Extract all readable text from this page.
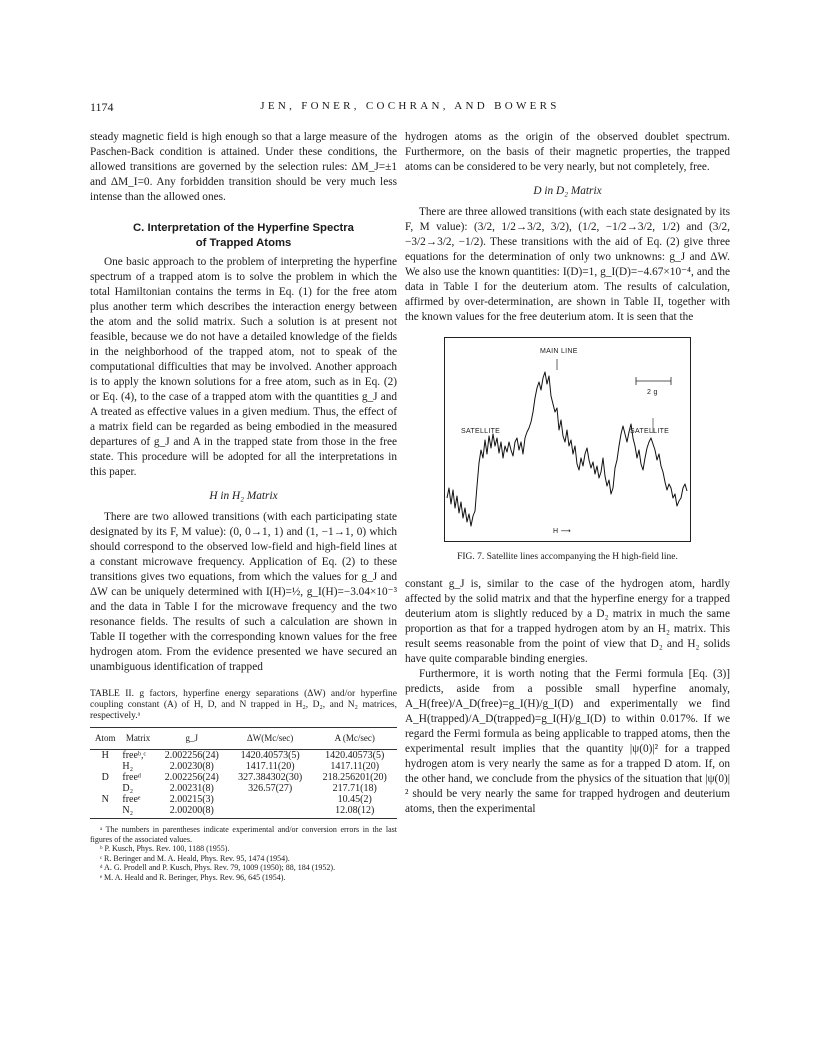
1174	JEN, FONER, COCHRAN, AND BOWERS

steady magnetic field is high enough so that a large measure of the Paschen-Back condition is attained. Under these conditions, the allowed transitions are governed by the selection rules: ΔM_J=±1 and ΔM_I=0. Any forbidden transition should be very much less intense than the allowed ones.

C. Interpretation of the Hyperfine Spectra
of Trapped Atoms

One basic approach to the problem of interpreting the hyperfine spectrum of a trapped atom is to solve the problem in which the total Hamiltonian contains the terms in Eq. (1) for the free atom plus another term which describes the interaction energy between the atom and the solid matrix. Such a solution is at present not feasible, because we do not have a detailed knowledge of the fields in the neighborhood of the trapped atom, not to speak of the computational difficulties that may be involved. Another approach is to apply the known solutions for a free atom, such as in Eq. (2) or Eq. (4), to the case of a trapped atom with the quantities g_J and A treated as effective values in a given medium. Thus, the effect of a matrix field can be regarded as being embodied in the measured departures of g_J and A in the trapped state from those in the free state. This procedure will be adopted for all the interpretations in this paper.

H in H₂ Matrix

There are two allowed transitions (with each participating state designated by its F, M value): (0, 0→1, 1) and (1, −1→1, 0) which should correspond to the observed low-field and high-field lines at a constant microwave frequency. Application of Eq. (2) to these transitions gives two equations, from which the values for g_J and ΔW can be uniquely determined with I(H)=½, g_I(H)=−3.04×10⁻³ and the data in Table I for the microwave frequency and the two resonance fields. The results of such a calculation are shown in Table II together with the corresponding known values for the free hydrogen atom. From the evidence presented we have secured an unambiguous identification of trapped

TABLE II. g factors, hyperfine energy separations (ΔW) and/or hyperfine coupling constant (A) of H, D, and N trapped in H₂, D₂, and N₂ matrices, respectively.ᵃ
Atom	Matrix	g_J	ΔW(Mc/sec)	A (Mc/sec)
H	freeᵇ,ᶜ	2.002256(24)	1420.40573(5)	1420.40573(5)
	H₂	2.00230(8)	1417.11(20)	1417.11(20)
D	freeᵈ	2.002256(24)	327.384302(30)	218.256201(20)
	D₂	2.00231(8)	326.57(27)	217.71(18)
N	freeᵉ	2.00215(3)		10.45(2)
	N₂	2.00200(8)		12.08(12)
ᵃ The numbers in parentheses indicate experimental and/or conversion errors in the last figures of the associated values.
ᵇ P. Kusch, Phys. Rev. 100, 1188 (1955).
ᶜ R. Beringer and M. A. Heald, Phys. Rev. 95, 1474 (1954).
ᵈ A. G. Prodell and P. Kusch, Phys. Rev. 79, 1009 (1950); 88, 184 (1952).
ᵉ M. A. Heald and R. Beringer, Phys. Rev. 96, 645 (1954).

hydrogen atoms as the origin of the observed doublet spectrum. Furthermore, on the basis of their magnetic properties, the trapped atoms can be considered to be very nearly, but not completely, free.

D in D₂ Matrix

There are three allowed transitions (with each state designated by its F, M value): (3/2, 1/2→3/2, 3/2), (1/2, −1/2→3/2, 1/2) and (3/2, −3/2→3/2, −1/2). These transitions with the aid of Eq. (2) give three equations for the determination of only two unknowns: g_J and ΔW. We also use the known quantities: I(D)=1, g_I(D)=−4.67×10⁻⁴, and the data in Table I for the deuterium atom. The results of calculation, affirmed by over-determination, are shown in Table II, together with the known values for the free deuterium atom. It is seen that the

MAIN LINE
SATELLITE	SATELLITE
2 g
H ⟶
FIG. 7. Satellite lines accompanying the H high-field line.

constant g_J is, similar to the case of the hydrogen atom, hardly affected by the solid matrix and that the hyperfine energy for a trapped deuterium atom is slightly reduced by a D₂ matrix in much the same proportion as that for a trapped hydrogen atom by an H₂ matrix. This result seems reasonable from the point of view that D₂ and H₂ solids have quite comparable binding energies.

Furthermore, it is worth noting that the Fermi formula [Eq. (3)] predicts, aside from a possible small hyperfine anomaly, A_H(free)/A_D(free)=g_I(H)/g_I(D) and experimentally we find A_H(trapped)/A_D(trapped)=g_I(H)/g_I(D) to within 0.017%. If we regard the Fermi formula as being applicable to trapped atoms, then the experimental result implies that the quantity |ψ(0)|² for a trapped hydrogen atom is very nearly the same as for a trapped D atom. If, on the other hand, we conclude from the physics of the situation that |ψ(0)|² should be very nearly the same for trapped hydrogen and deuterium atoms, then the experimental
